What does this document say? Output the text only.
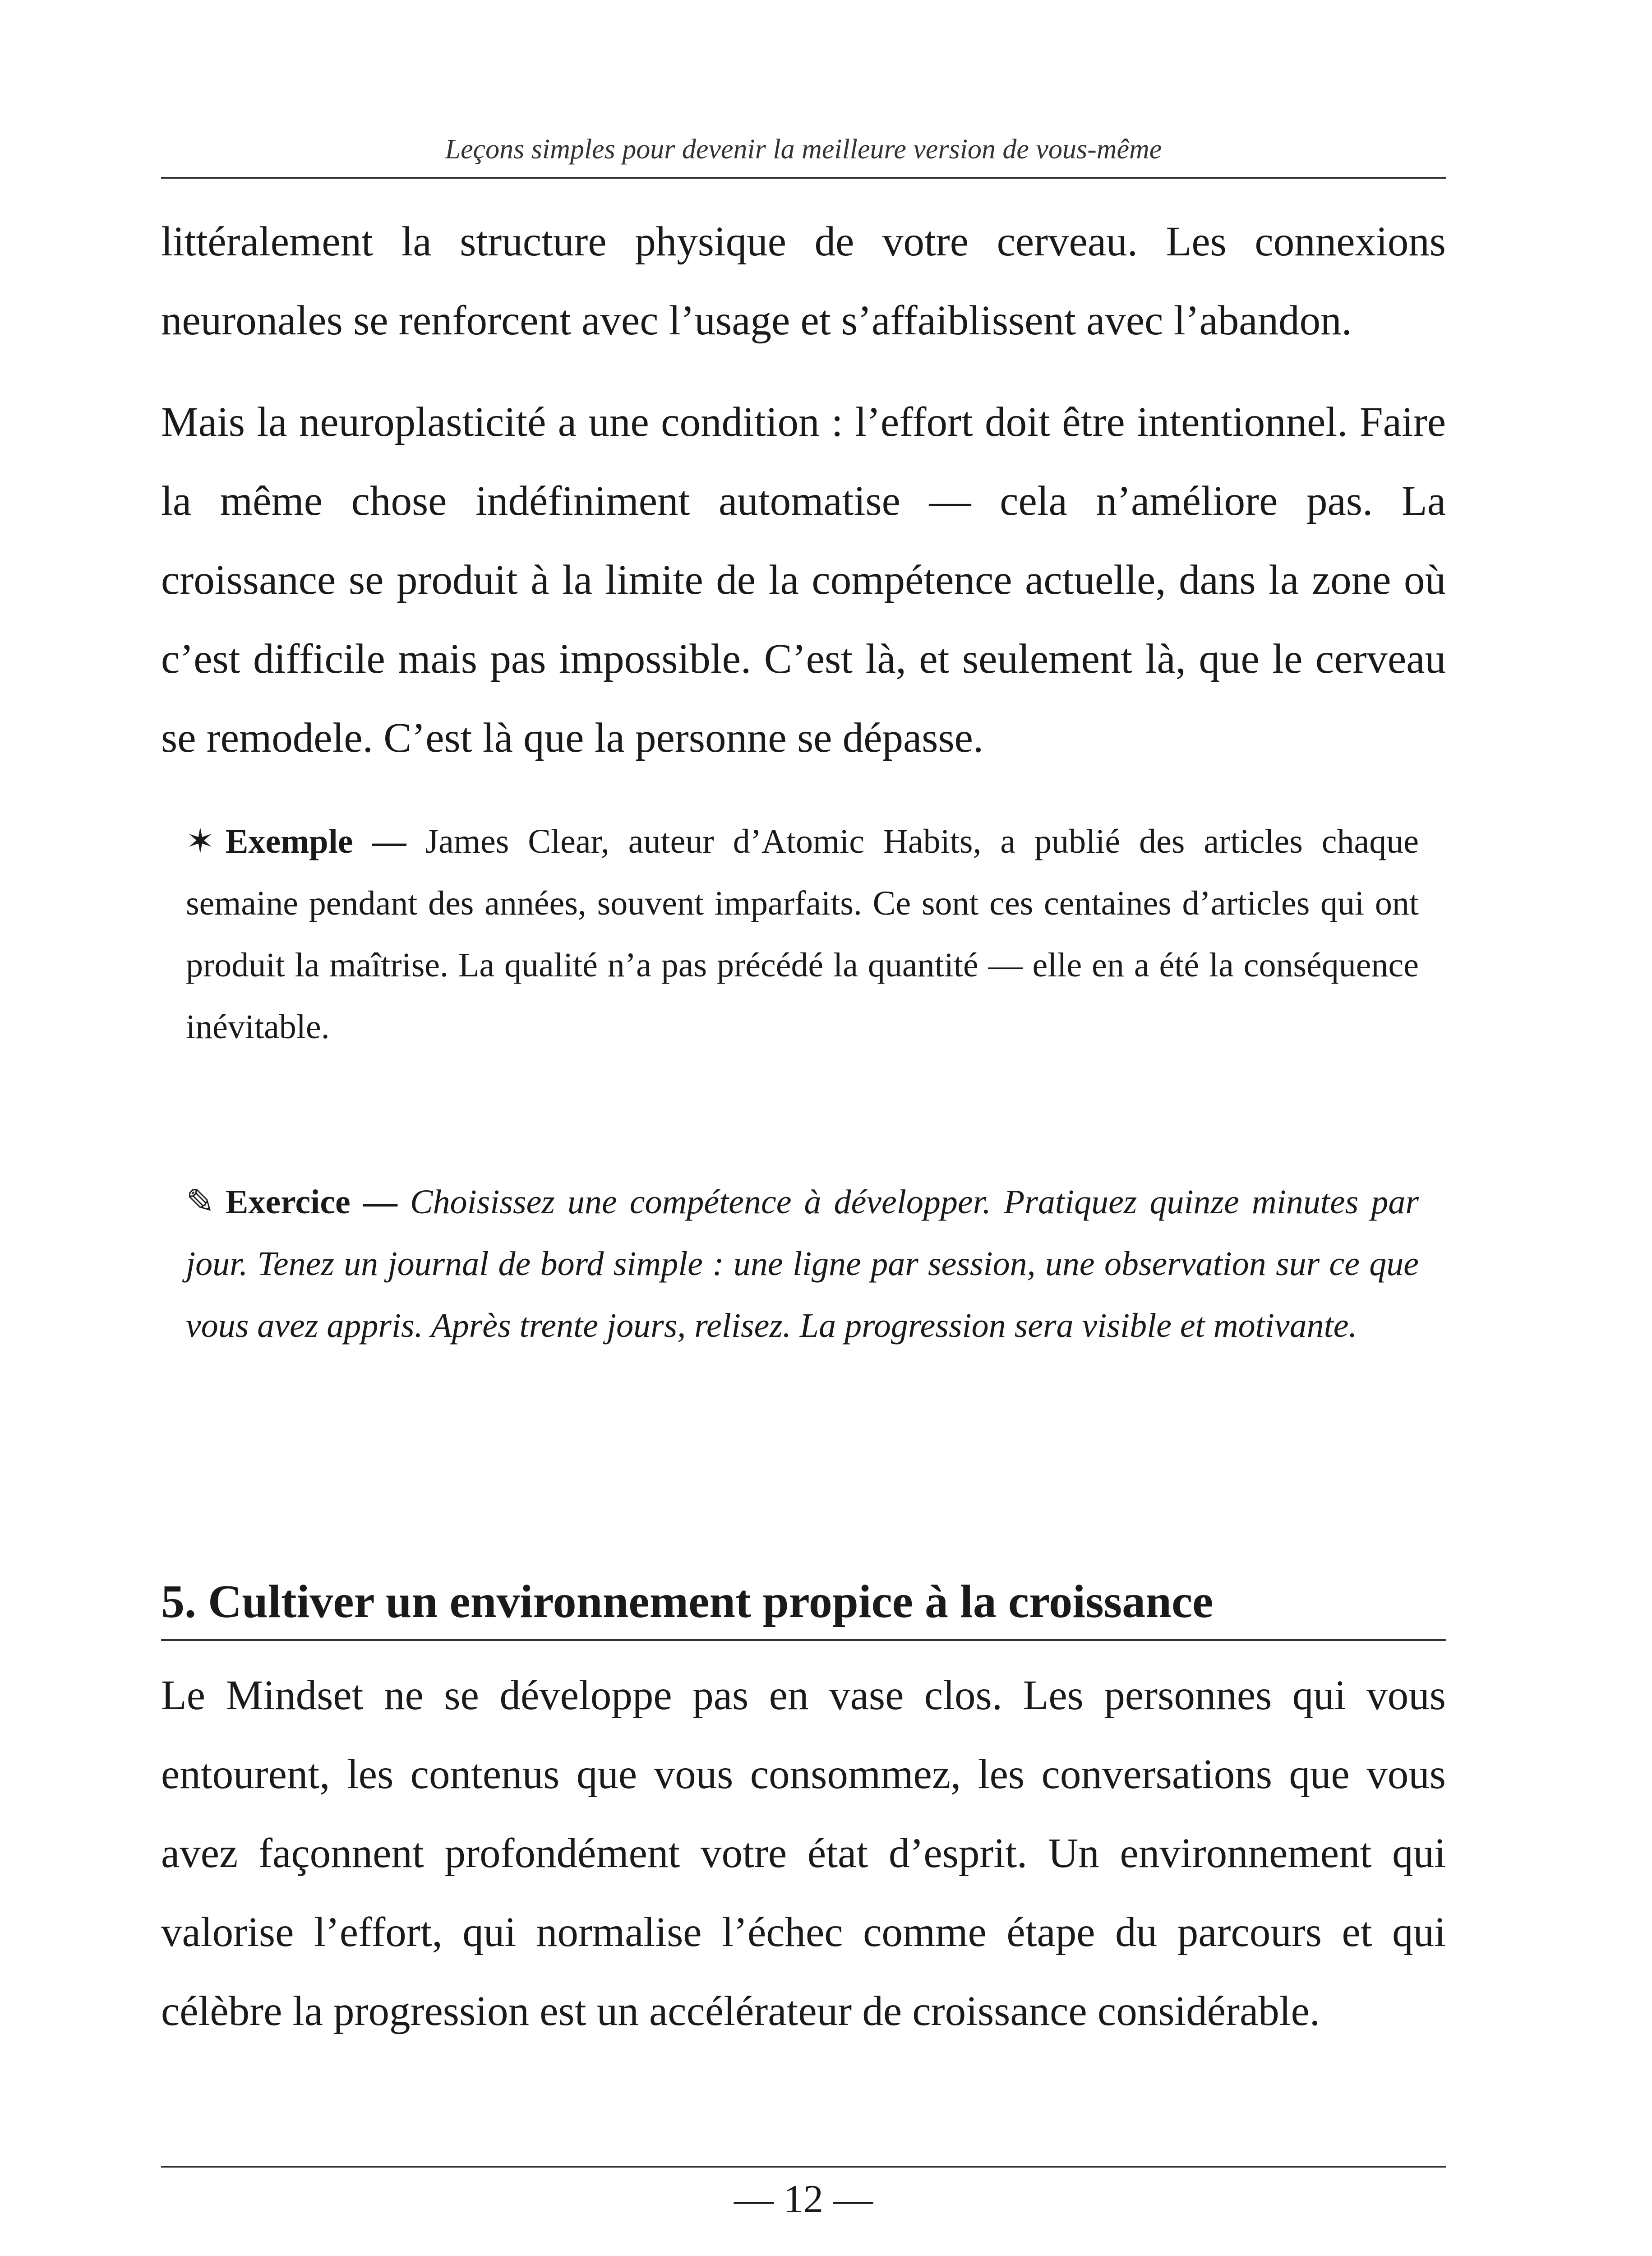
Leçons simples pour devenir la meilleure version de vous-même

littéralement la structure physique de votre cerveau. Les connexions neuronales se renforcent avec l’usage et s’affaiblissent avec l’abandon.

Mais la neuroplasticité a une condition : l’effort doit être intentionnel. Faire la même chose indéfiniment automatise — cela n’améliore pas. La croissance se produit à la limite de la compétence actuelle, dans la zone où c’est difficile mais pas impossible. C’est là, et seulement là, que le cerveau se remodele. C’est là que la personne se dépasse.

✶ Exemple — James Clear, auteur d’Atomic Habits, a publié des articles chaque semaine pendant des années, souvent imparfaits. Ce sont ces centaines d’articles qui ont produit la maîtrise. La qualité n’a pas précédé la quantité — elle en a été la conséquence inévitable.

✎ Exercice — Choisissez une compétence à développer. Pratiquez quinze minutes par jour. Tenez un journal de bord simple : une ligne par session, une observation sur ce que vous avez appris. Après trente jours, relisez. La progression sera visible et motivante.

5. Cultiver un environnement propice à la croissance

Le Mindset ne se développe pas en vase clos. Les personnes qui vous entourent, les contenus que vous consommez, les conversations que vous avez façonnent profondément votre état d’esprit. Un environnement qui valorise l’effort, qui normalise l’échec comme étape du parcours et qui célèbre la progression est un accélérateur de croissance considérable.

— 12 —
